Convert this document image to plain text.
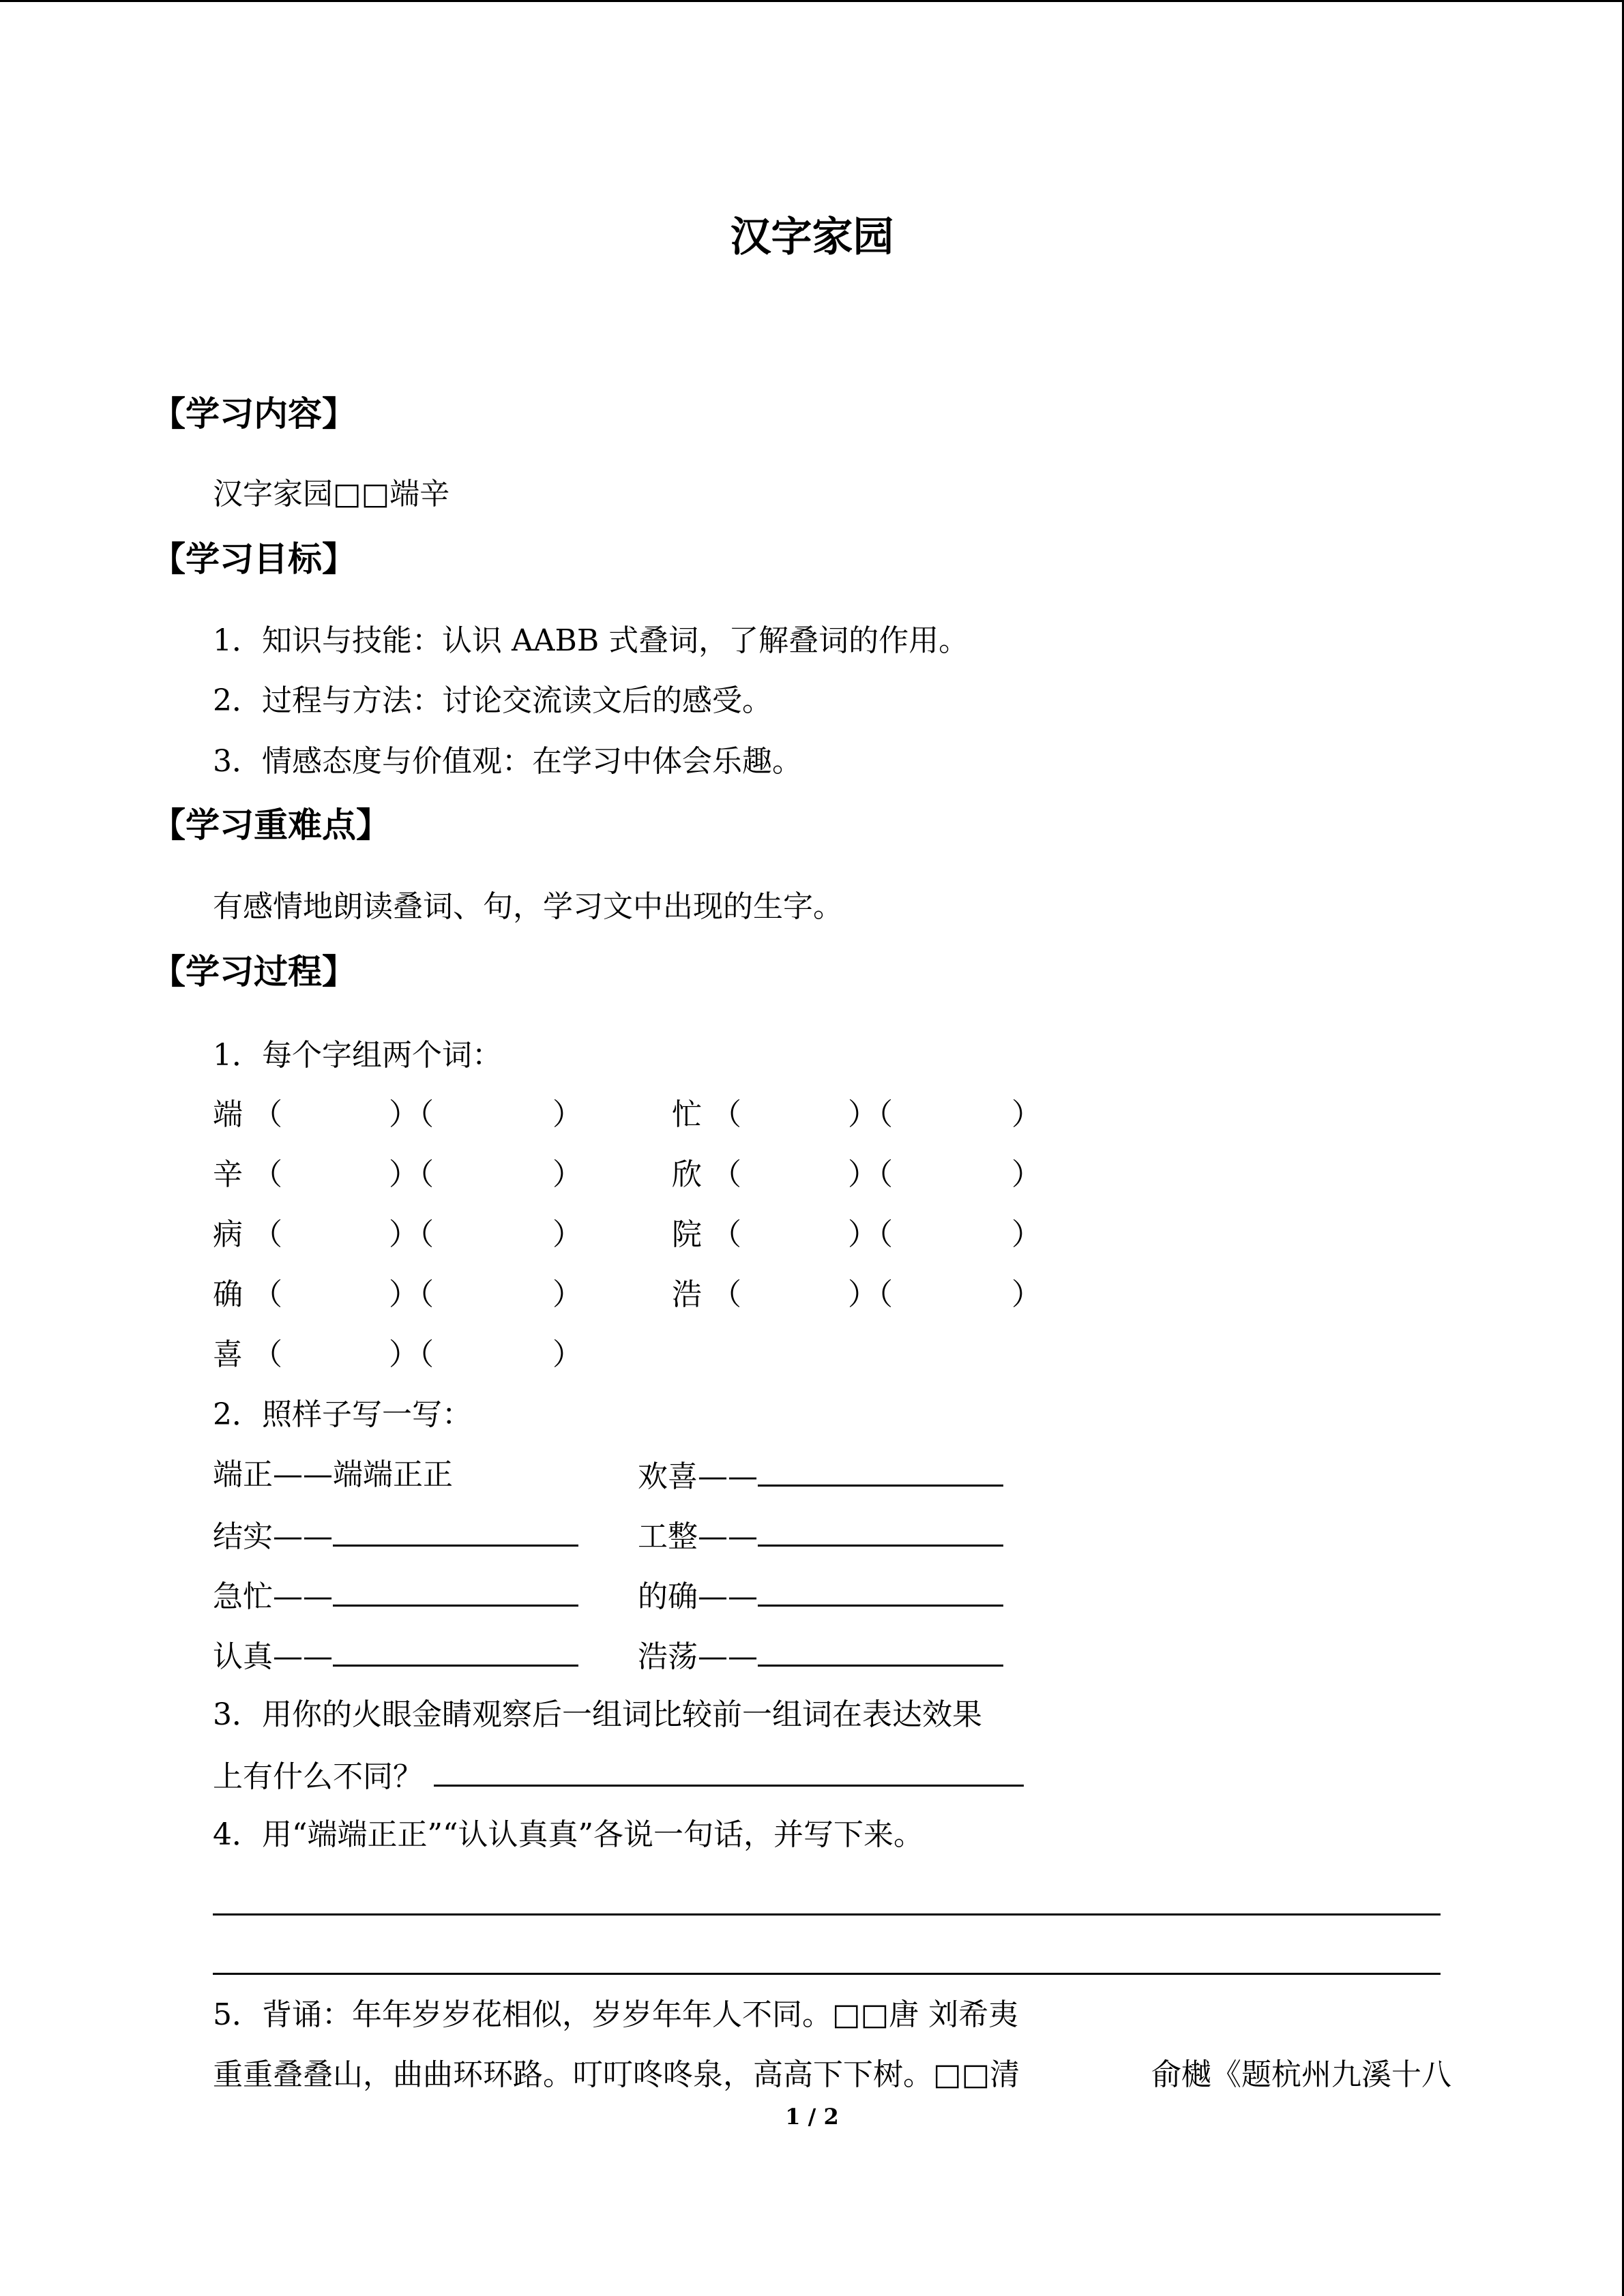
汉字家园
【学习内容】
汉字家园□□端辛
【学习目标】
1．知识与技能：认识 AABB 式叠词，了解叠词的作用。
2．过程与方法：讨论交流读文后的感受。
3．情感态度与价值观：在学习中体会乐趣。
【学习重难点】
有感情地朗读叠词、句，学习文中出现的生字。
【学习过程】
1．每个字组两个词：
端 （	）（	）	忙 （	）（	）
辛 （	）（	）	欣 （	）（	）
病 （	）（	）	院 （	）（	）
确 （	）（	）	浩 （	）（	）
喜 （	）（	）
2．照样子写一写：
端正——端端正正	欢喜——
结实——	工整——
急忙——	的确——
认真——	浩荡——
3．用你的火眼金睛观察后一组词比较前一组词在表达效果
上有什么不同？
4．用“端端正正”“认认真真”各说一句话，并写下来。
5．背诵：年年岁岁花相似，岁岁年年人不同。□□唐 刘希夷
重重叠叠山，曲曲环环路。叮叮咚咚泉，高高下下树。□□清	俞樾《题杭州九溪十八
1 / 2
